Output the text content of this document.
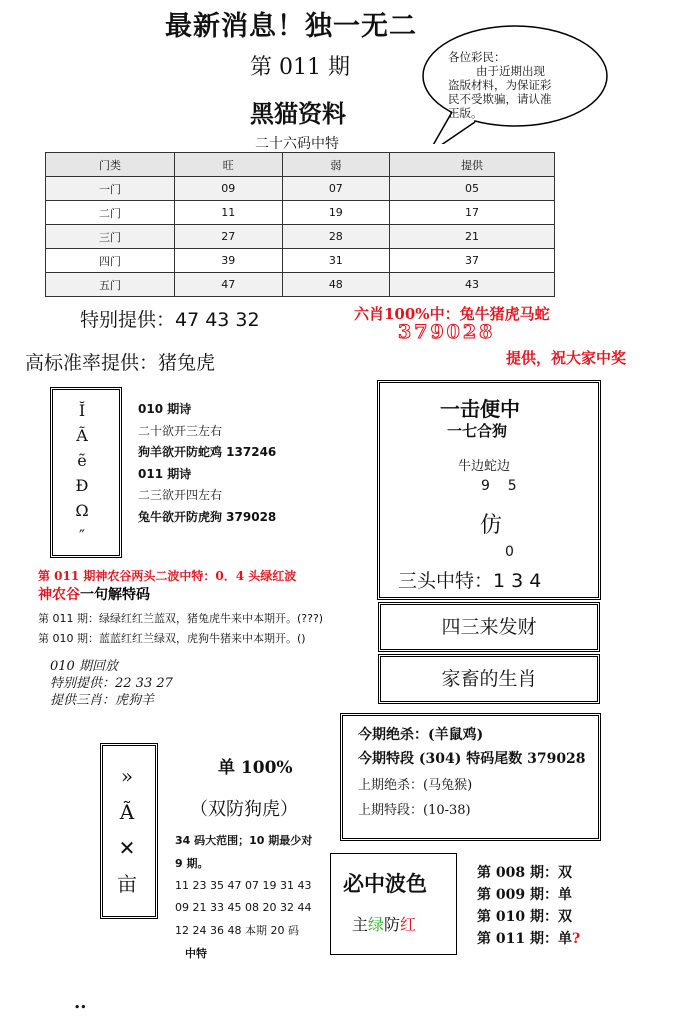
最新消息！独一无二
第 011 期
黑猫资料
二十六码中特
各位彩民：
由于近期出现
盗版材料，为保证彩
民不受欺骗，请认准
正版。
门类	旺	弱	提供
一门	09	07	05
二门	11	19	17
三门	27	28	21
四门	39	31	37
五门	47	48	43
特别提供：47 43 32	六肖100%中：兔牛猪虎马蛇
379028
提供，祝大家中奖
高标准率提供：猪兔虎
Ĭ
Ã
ẽ
Ð
Ω
″
010 期诗
二十欲开三左右
狗羊欲开防蛇鸡 137246
011 期诗
二三欲开四左右
兔牛欲开防虎狗 379028
第 011 期神农谷两头二波中特：0．4 头绿红波
神农谷一句解特码
第 011 期：绿绿红红兰蓝双，猪兔虎牛来中本期开。(???)
第 010 期：蓝蓝红红兰绿双，虎狗牛猪来中本期开。()
010 期回放
特别提供：22 33 27
提供三肖：虎狗羊
一击便中
一七合狗
牛边蛇边
9    5
仿
0
三头中特：1 3 4
四三来发财
家畜的生肖
今期绝杀：(羊鼠鸡)
今期特段 (304) 特码尾数 379028
上期绝杀：(马兔猴)
上期特段：(10-38)
»
Ã
✕
亩
单 100%
（双防狗虎）
34 码大范围；10 期最少对
9 期。
11 23 35 47 07 19 31 43
09 21 33 45 08 20 32 44
12 24 36 48 本期 20 码
中特
必中波色
主绿防红
第 008 期：双
第 009 期：单
第 010 期：双
第 011 期：单?
..
